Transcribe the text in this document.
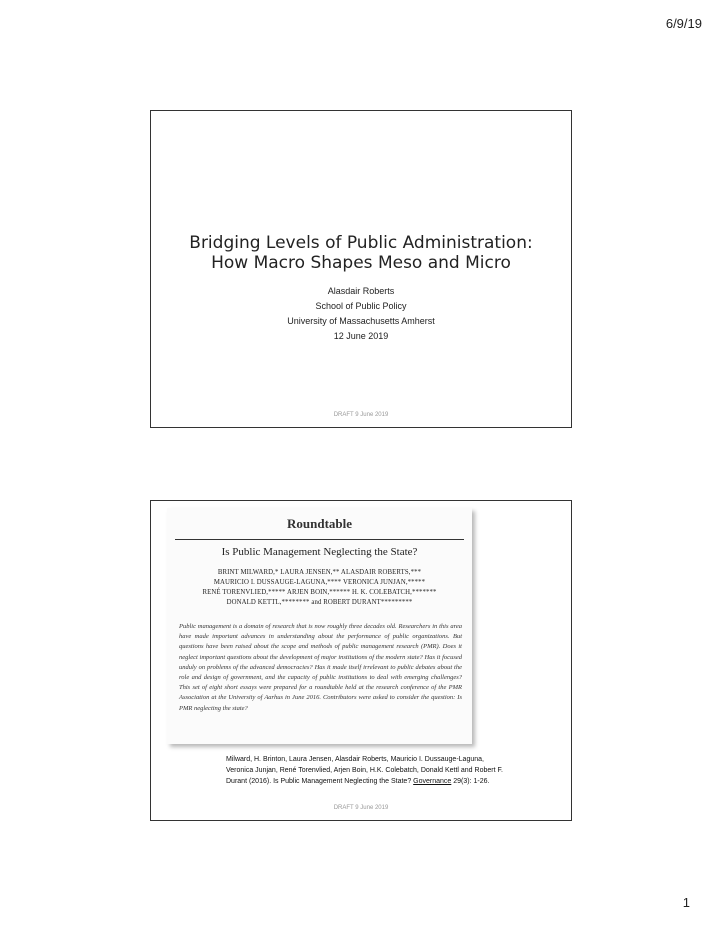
6/9/19
Bridging Levels of Public Administration:
How Macro Shapes Meso and Micro
Alasdair Roberts
School of Public Policy
University of Massachusetts Amherst
12 June 2019
DRAFT 9 June 2019
Roundtable
Is Public Management Neglecting the State?
BRINT MILWARD,* LAURA JENSEN,** ALASDAIR ROBERTS,***
MAURICIO I. DUSSAUGE-LAGUNA,**** VERONICA JUNJAN,*****
RENÉ TORENVLIED,***** ARJEN BOIN,****** H. K. COLEBATCH,*******
DONALD KETTL,******** and ROBERT DURANT*********
Public management is a domain of research that is now roughly three decades old. Researchers in this area have made important advances in understanding about the performance of public organizations. But questions have been raised about the scope and methods of public management research (PMR). Does it neglect important questions about the development of major institutions of the modern state? Has it focused unduly on problems of the advanced democracies? Has it made itself irrelevant to public debates about the role and design of government, and the capacity of public institutions to deal with emerging challenges? This set of eight short essays were prepared for a roundtable held at the research conference of the PMR Association at the University of Aarhus in June 2016. Contributors were asked to consider the question: Is PMR neglecting the state?
Milward, H. Brinton, Laura Jensen, Alasdair Roberts, Mauricio I. Dussauge-Laguna,
Veronica Junjan, René Torenvlied, Arjen Boin, H.K. Colebatch, Donald Kettl and Robert F.
Durant (2016). Is Public Management Neglecting the State? Governance 29(3): 1-26.
DRAFT 9 June 2019
1
